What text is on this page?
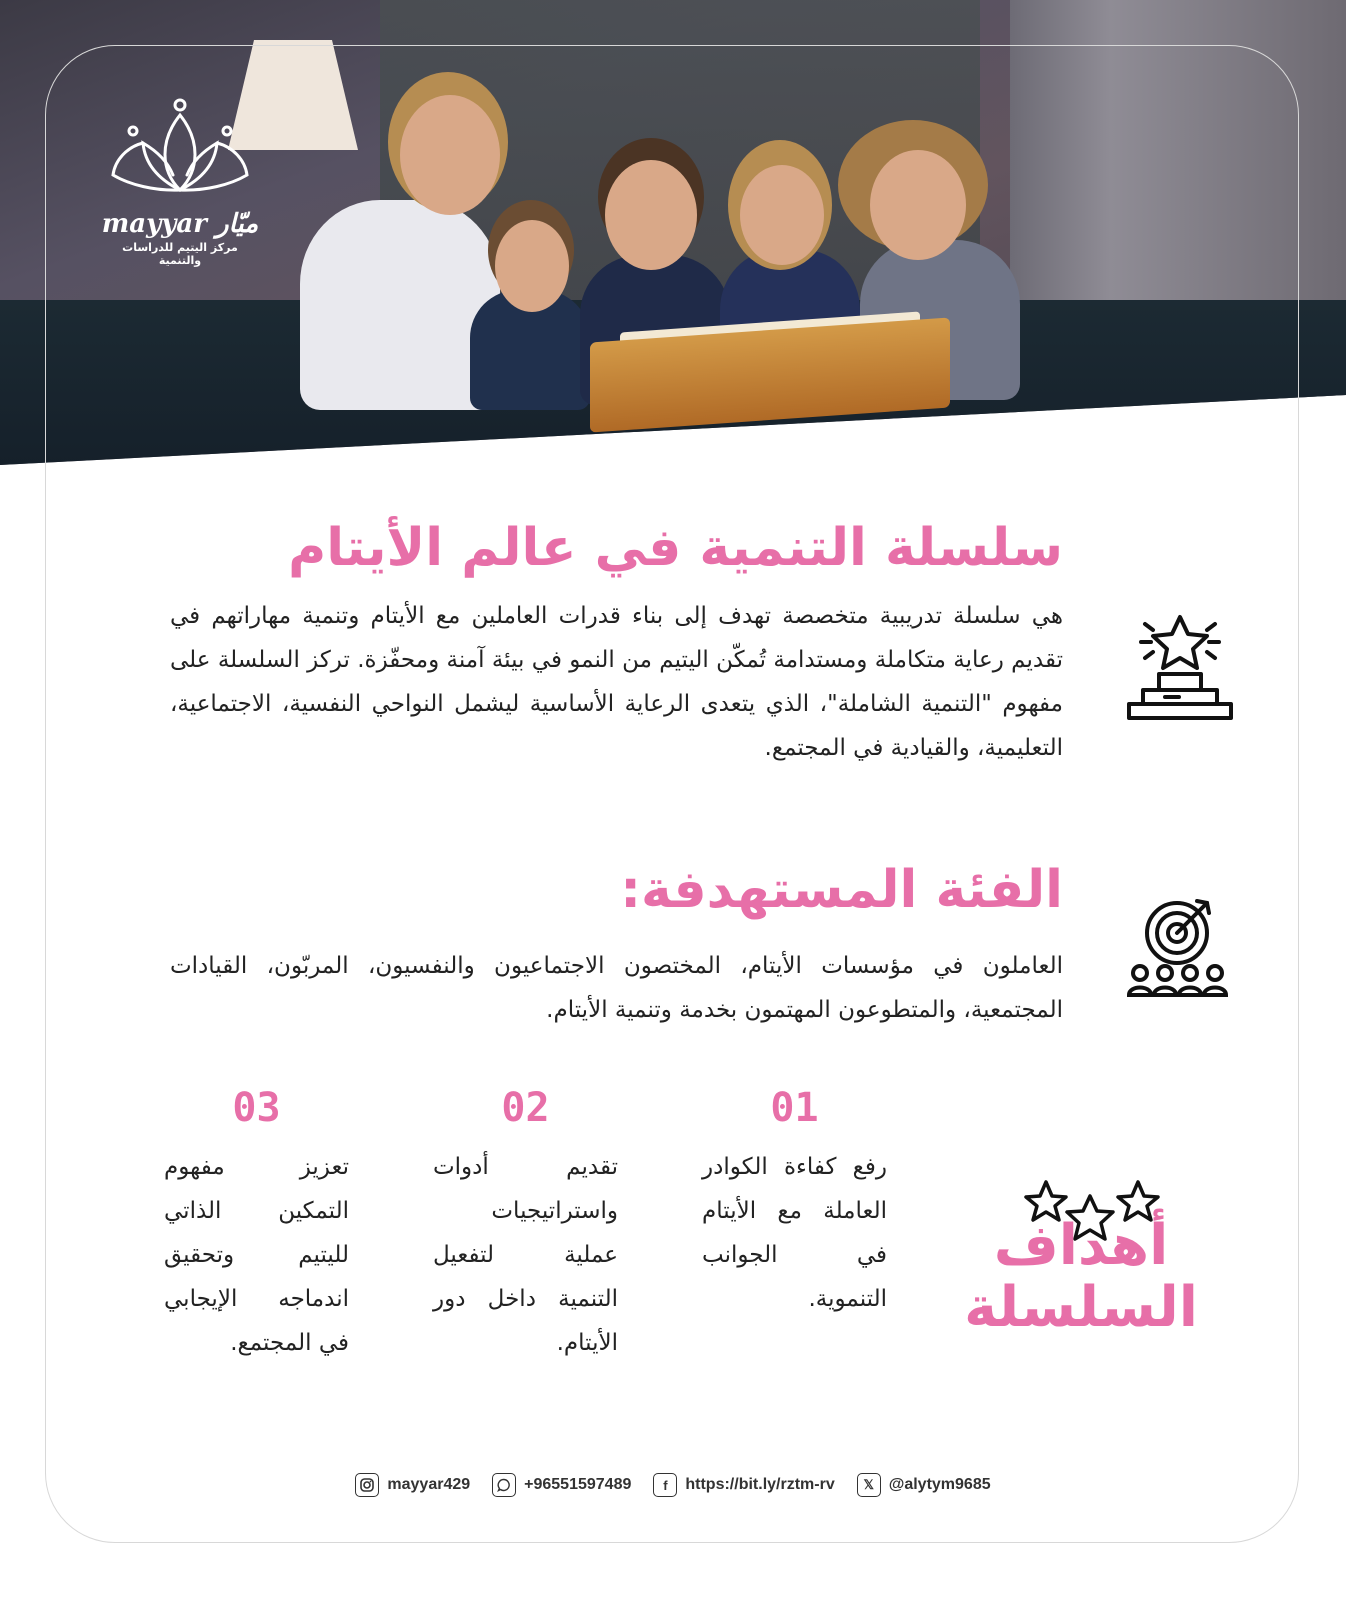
mayyar ميّار
مركز اليتيم للدراسات والتنمية
سلسلة التنمية في عالم الأيتام
هي سلسلة تدريبية متخصصة تهدف إلى بناء قدرات العاملين مع الأيتام وتنمية مهاراتهم في تقديم رعاية متكاملة ومستدامة تُمكّن اليتيم من النمو في بيئة آمنة ومحفّزة. تركز السلسلة على مفهوم "التنمية الشاملة"، الذي يتعدى الرعاية الأساسية ليشمل النواحي النفسية، الاجتماعية، التعليمية، والقيادية في المجتمع.
الفئة المستهدفة:
العاملون في مؤسسات الأيتام، المختصون الاجتماعيون والنفسيون، المربّون، القيادات المجتمعية، والمتطوعون المهتمون بخدمة وتنمية الأيتام.
أهداف
السلسلة
01
رفع كفاءة الكوادر العاملة مع الأيتام في الجوانب التنموية.
02
تقديم أدوات واستراتيجيات عملية لتفعيل التنمية داخل دور الأيتام.
03
تعزيز مفهوم التمكين الذاتي لليتيم وتحقيق اندماجه الإيجابي في المجتمع.
mayyar429	+96551597489	f	https://bit.ly/rztm-rv	𝕏 @alytym9685
